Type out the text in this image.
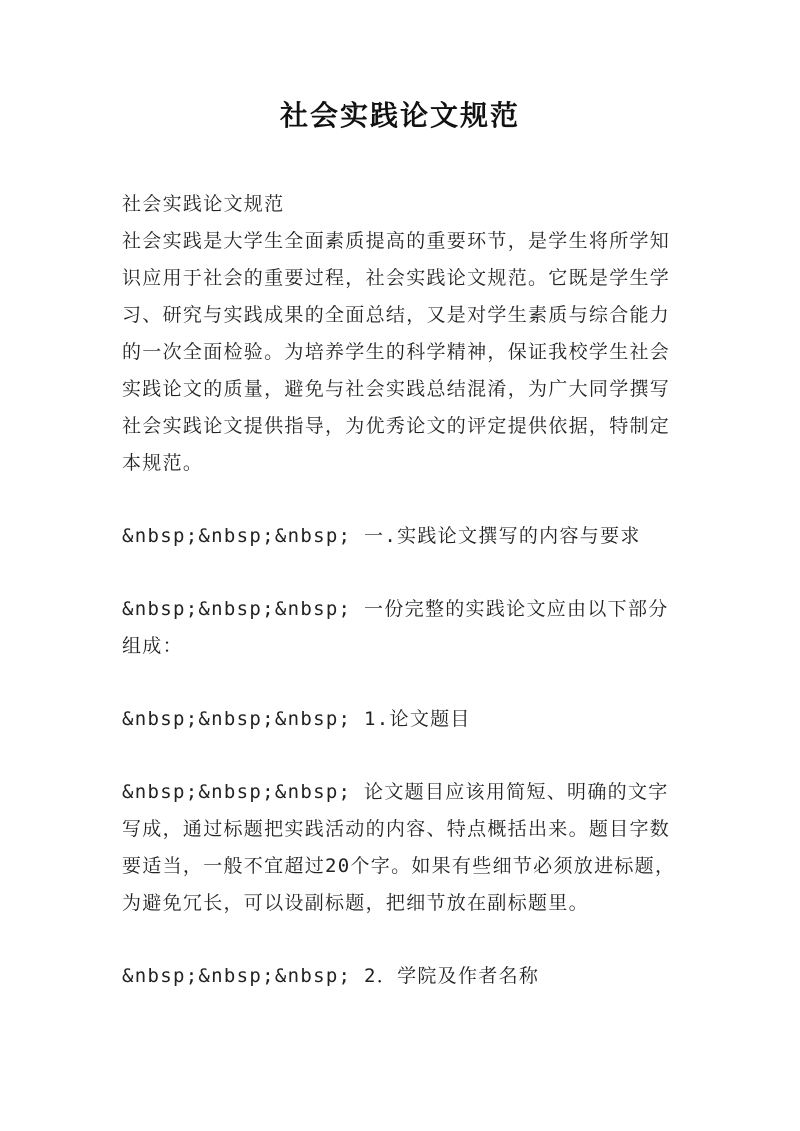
社会实践论文规范

社会实践论文规范

社会实践是大学生全面素质提高的重要环节，是学生将所学知识应用于社会的重要过程，社会实践论文规范。它既是学生学习、研究与实践成果的全面总结，又是对学生素质与综合能力的一次全面检验。为培养学生的科学精神，保证我校学生社会实践论文的质量，避免与社会实践总结混淆，为广大同学撰写社会实践论文提供指导，为优秀论文的评定提供依据，特制定本规范。

&nbsp;&nbsp;&nbsp; 一.实践论文撰写的内容与要求

&nbsp;&nbsp;&nbsp; 一份完整的实践论文应由以下部分组成：

&nbsp;&nbsp;&nbsp; 1.论文题目

&nbsp;&nbsp;&nbsp; 论文题目应该用简短、明确的文字写成，通过标题把实践活动的内容、特点概括出来。题目字数要适当，一般不宜超过20个字。如果有些细节必须放进标题，为避免冗长，可以设副标题，把细节放在副标题里。

&nbsp;&nbsp;&nbsp; 2．学院及作者名称
